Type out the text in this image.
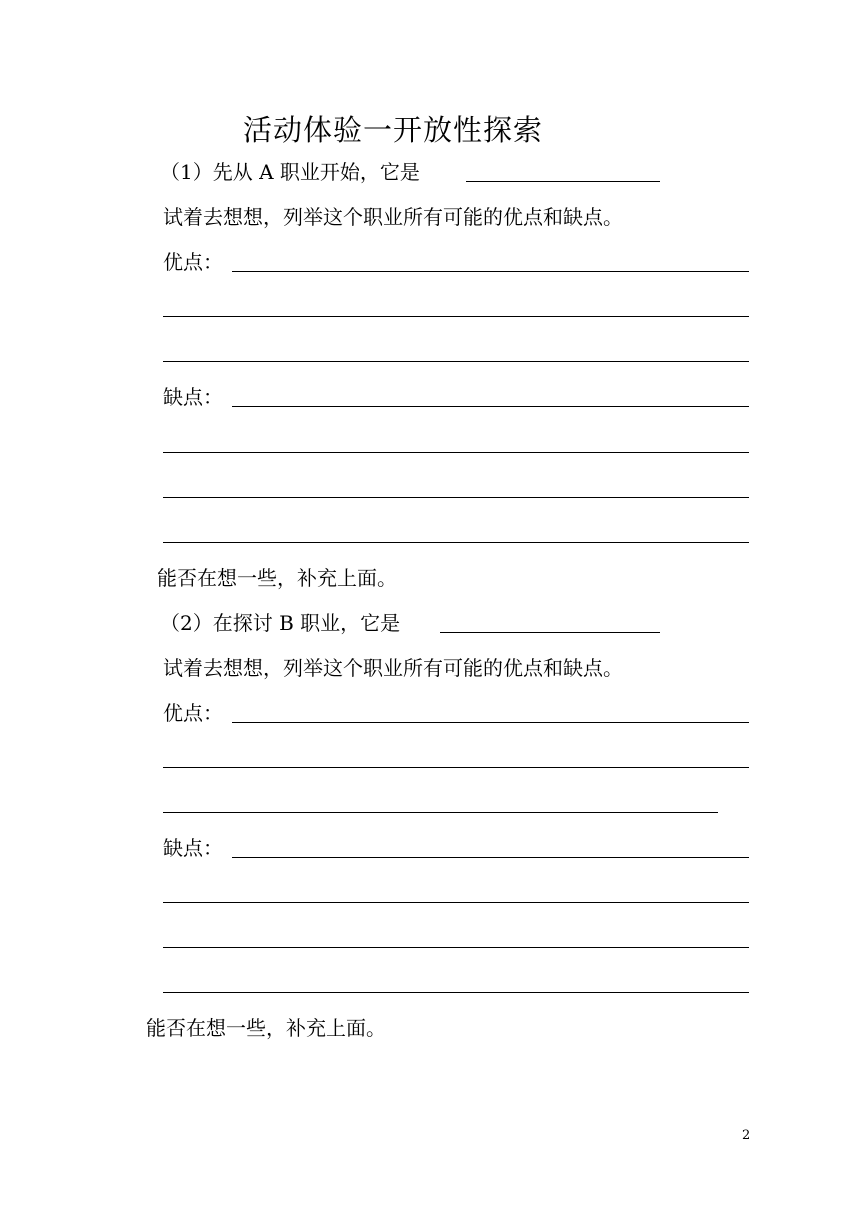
活动体验一开放性探索
（1）先从 A 职业开始，它是
试着去想想，列举这个职业所有可能的优点和缺点。
优点：
缺点：
能否在想一些，补充上面。
（2）在探讨 B 职业，它是
试着去想想，列举这个职业所有可能的优点和缺点。
优点：
缺点：
能否在想一些，补充上面。
2
